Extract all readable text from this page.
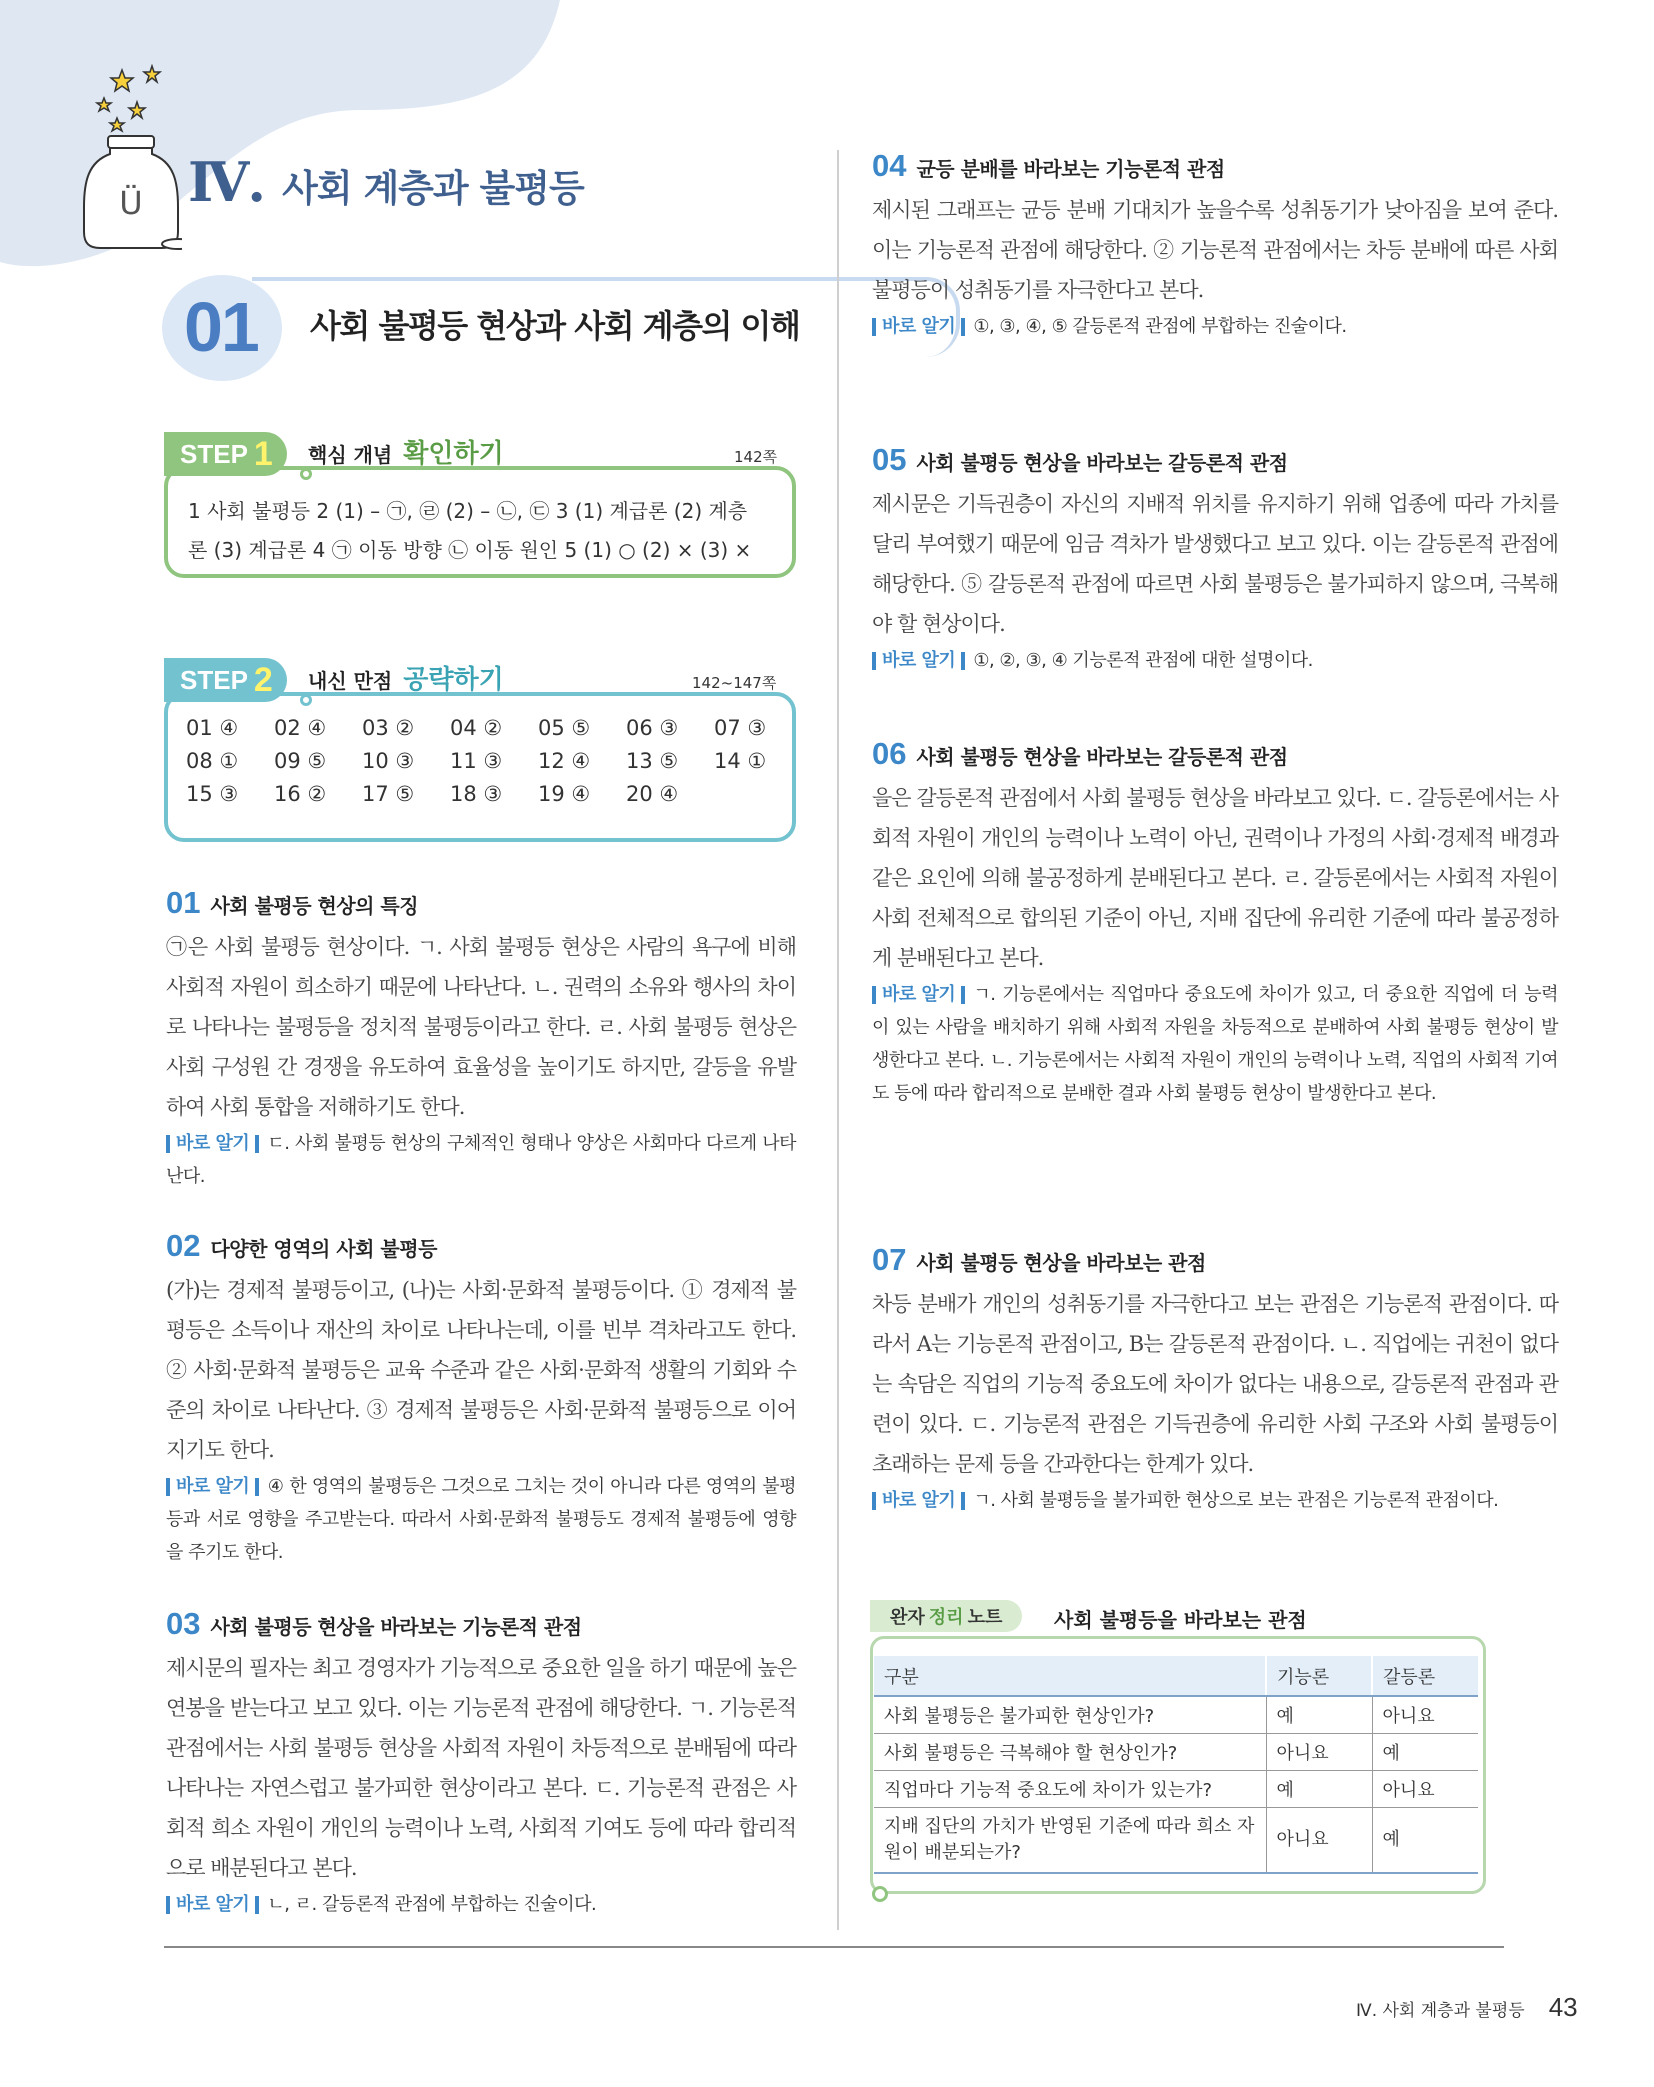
Ü Ⅳ. 사회 계층과 불평등
01 사회 불평등 현상과 사회 계층의 이해
STEP 1 핵심 개념 확인하기	142쪽
1 사회 불평등 2 (1) – ㉠, ㉣ (2) – ㉡, ㉢ 3 (1) 계급론 (2) 계층
론 (3) 계급론 4 ㉠ 이동 방향 ㉡ 이동 원인 5 (1) ○ (2) × (3) ×
STEP 2 내신 만점 공략하기	142~147쪽
01 ④	02 ④	03 ②	04 ②	05 ⑤	06 ③	07 ③
08 ①	09 ⑤	10 ③	11 ③	12 ④	13 ⑤	14 ①
15 ③	16 ②	17 ⑤	18 ③	19 ④	20 ④
01 사회 불평등 현상의 특징
㉠은 사회 불평등 현상이다. ㄱ. 사회 불평등 현상은 사람의 욕구에 비해 사회적 자원이 희소하기 때문에 나타난다. ㄴ. 권력의 소유와 행사의 차이로 나타나는 불평등을 정치적 불평등이라고 한다. ㄹ. 사회 불평등 현상은 사회 구성원 간 경쟁을 유도하여 효율성을 높이기도 하지만, 갈등을 유발하여 사회 통합을 저해하기도 한다.
바로 알기 ㄷ. 사회 불평등 현상의 구체적인 형태나 양상은 사회마다 다르게 나타난다.
02 다양한 영역의 사회 불평등
(가)는 경제적 불평등이고, (나)는 사회·문화적 불평등이다. ① 경제적 불평등은 소득이나 재산의 차이로 나타나는데, 이를 빈부 격차라고도 한다. ② 사회·문화적 불평등은 교육 수준과 같은 사회·문화적 생활의 기회와 수준의 차이로 나타난다. ③ 경제적 불평등은 사회·문화적 불평등으로 이어지기도 한다.
바로 알기 ④ 한 영역의 불평등은 그것으로 그치는 것이 아니라 다른 영역의 불평등과 서로 영향을 주고받는다. 따라서 사회·문화적 불평등도 경제적 불평등에 영향을 주기도 한다.
03 사회 불평등 현상을 바라보는 기능론적 관점
제시문의 필자는 최고 경영자가 기능적으로 중요한 일을 하기 때문에 높은 연봉을 받는다고 보고 있다. 이는 기능론적 관점에 해당한다. ㄱ. 기능론적 관점에서는 사회 불평등 현상을 사회적 자원이 차등적으로 분배됨에 따라 나타나는 자연스럽고 불가피한 현상이라고 본다. ㄷ. 기능론적 관점은 사회적 희소 자원이 개인의 능력이나 노력, 사회적 기여도 등에 따라 합리적으로 배분된다고 본다.
바로 알기 ㄴ, ㄹ. 갈등론적 관점에 부합하는 진술이다.
04 균등 분배를 바라보는 기능론적 관점
제시된 그래프는 균등 분배 기대치가 높을수록 성취동기가 낮아짐을 보여 준다. 이는 기능론적 관점에 해당한다. ② 기능론적 관점에서는 차등 분배에 따른 사회 불평등이 성취동기를 자극한다고 본다.
바로 알기 ①, ③, ④, ⑤ 갈등론적 관점에 부합하는 진술이다.
05 사회 불평등 현상을 바라보는 갈등론적 관점
제시문은 기득권층이 자신의 지배적 위치를 유지하기 위해 업종에 따라 가치를 달리 부여했기 때문에 임금 격차가 발생했다고 보고 있다. 이는 갈등론적 관점에 해당한다. ⑤ 갈등론적 관점에 따르면 사회 불평등은 불가피하지 않으며, 극복해야 할 현상이다.
바로 알기 ①, ②, ③, ④ 기능론적 관점에 대한 설명이다.
06 사회 불평등 현상을 바라보는 갈등론적 관점
을은 갈등론적 관점에서 사회 불평등 현상을 바라보고 있다. ㄷ. 갈등론에서는 사회적 자원이 개인의 능력이나 노력이 아닌, 권력이나 가정의 사회·경제적 배경과 같은 요인에 의해 불공정하게 분배된다고 본다. ㄹ. 갈등론에서는 사회적 자원이 사회 전체적으로 합의된 기준이 아닌, 지배 집단에 유리한 기준에 따라 불공정하게 분배된다고 본다.
바로 알기 ㄱ. 기능론에서는 직업마다 중요도에 차이가 있고, 더 중요한 직업에 더 능력이 있는 사람을 배치하기 위해 사회적 자원을 차등적으로 분배하여 사회 불평등 현상이 발생한다고 본다. ㄴ. 기능론에서는 사회적 자원이 개인의 능력이나 노력, 직업의 사회적 기여도 등에 따라 합리적으로 분배한 결과 사회 불평등 현상이 발생한다고 본다.
07 사회 불평등 현상을 바라보는 관점
차등 분배가 개인의 성취동기를 자극한다고 보는 관점은 기능론적 관점이다. 따라서 A는 기능론적 관점이고, B는 갈등론적 관점이다. ㄴ. 직업에는 귀천이 없다는 속담은 직업의 기능적 중요도에 차이가 없다는 내용으로, 갈등론적 관점과 관련이 있다. ㄷ. 기능론적 관점은 기득권층에 유리한 사회 구조와 사회 불평등이 초래하는 문제 등을 간과한다는 한계가 있다.
바로 알기 ㄱ. 사회 불평등을 불가피한 현상으로 보는 관점은 기능론적 관점이다.
완자 정리 노트	사회 불평등을 바라보는 관점
구분	기능론	갈등론
사회 불평등은 불가피한 현상인가?	예	아니요
사회 불평등은 극복해야 할 현상인가?	아니요	예
직업마다 기능적 중요도에 차이가 있는가?	예	아니요
지배 집단의 가치가 반영된 기준에 따라 희소 자원이 배분되는가?	아니요	예
Ⅳ. 사회 계층과 불평등 43
